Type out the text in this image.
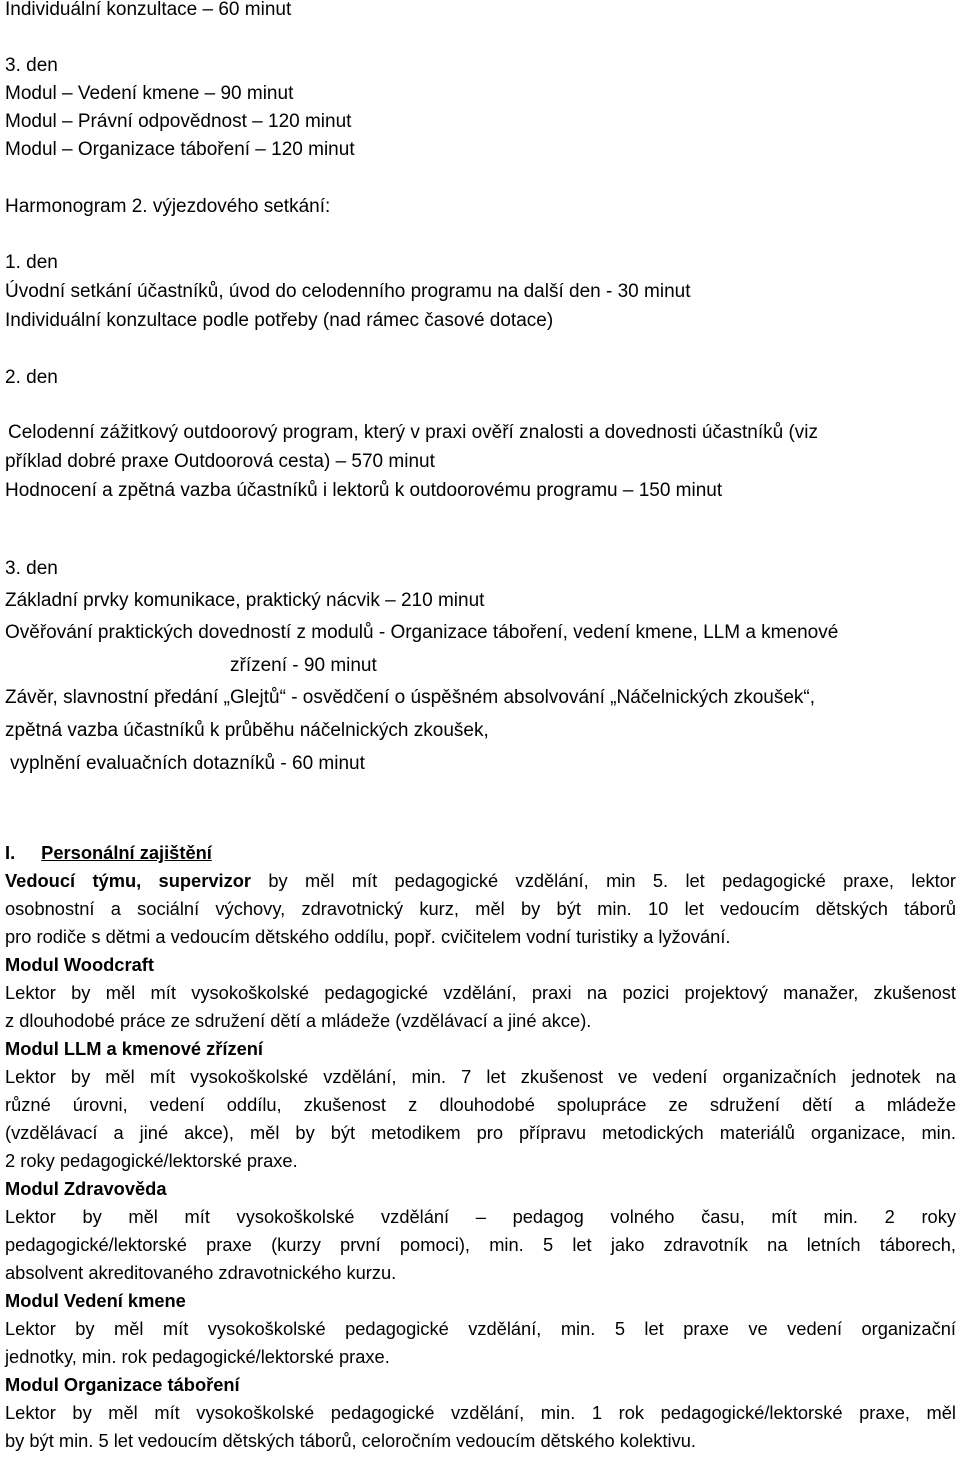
Individuální konzultace – 60 minut
3. den
Modul – Vedení kmene – 90 minut
Modul – Právní odpovědnost – 120 minut
Modul – Organizace táboření – 120 minut
Harmonogram 2. výjezdového setkání:
1. den
Úvodní setkání účastníků, úvod do celodenního programu na další den - 30 minut
Individuální konzultace podle potřeby (nad rámec časové dotace)
2. den
Celodenní zážitkový outdoorový program, který v praxi ověří znalosti a dovednosti účastníků (viz
příklad dobré praxe Outdoorová cesta) – 570 minut
Hodnocení a zpětná vazba účastníků i lektorů k outdoorovému programu – 150 minut
3. den
Základní prvky komunikace, praktický nácvik – 210 minut
Ověřování praktických dovedností z modulů - Organizace táboření, vedení kmene, LLM a kmenové
zřízení - 90 minut
Závěr, slavnostní předání „Glejtů“ - osvědčení o úspěšném absolvování „Náčelnických zkoušek“,
zpětná vazba účastníků k průběhu náčelnických zkoušek,
vyplnění evaluačních dotazníků - 60 minut
I. Personální zajištění
Vedoucí týmu, supervizor by měl mít pedagogické vzdělání, min 5. let pedagogické praxe, lektor
osobnostní a sociální výchovy, zdravotnický kurz, měl by být min. 10 let vedoucím dětských táborů
pro rodiče s dětmi a vedoucím dětského oddílu, popř. cvičitelem vodní turistiky a lyžování.
Modul Woodcraft
Lektor by měl mít vysokoškolské pedagogické vzdělání, praxi na pozici projektový manažer, zkušenost
z dlouhodobé práce ze sdružení dětí a mládeže (vzdělávací a jiné akce).
Modul LLM a kmenové zřízení
Lektor by měl mít vysokoškolské vzdělání, min. 7 let zkušenost ve vedení organizačních jednotek na
různé úrovni, vedení oddílu, zkušenost z dlouhodobé spolupráce ze sdružení dětí a mládeže
(vzdělávací a jiné akce), měl by být metodikem pro přípravu metodických materiálů organizace, min.
2 roky pedagogické/lektorské praxe.
Modul Zdravověda
Lektor by měl mít vysokoškolské vzdělání – pedagog volného času, mít min. 2 roky
pedagogické/lektorské praxe (kurzy první pomoci), min. 5 let jako zdravotník na letních táborech,
absolvent akreditovaného zdravotnického kurzu.
Modul Vedení kmene
Lektor by měl mít vysokoškolské pedagogické vzdělání, min. 5 let praxe ve vedení organizační
jednotky, min. rok pedagogické/lektorské praxe.
Modul Organizace táboření
Lektor by měl mít vysokoškolské pedagogické vzdělání, min. 1 rok pedagogické/lektorské praxe, měl
by být min. 5 let vedoucím dětských táborů, celoročním vedoucím dětského kolektivu.
